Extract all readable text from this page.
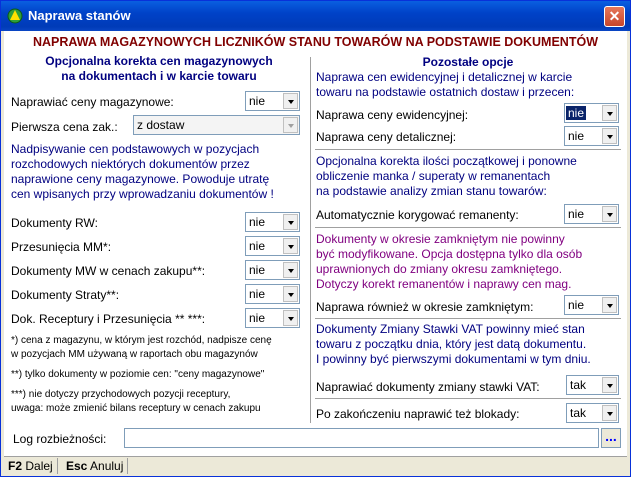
Naprawa stanów	✕
NAPRAWA MAGAZYNOWYCH LICZNIKÓW STANU TOWARÓW NA PODSTAWIE DOKUMENTÓW
Opcjonalna korekta cen magazynowych
na dokumentach i w karcie towaru
Naprawiać ceny magazynowe:	nie
Pierwsza cena zak.: z dostaw
Nadpisywanie cen podstawowych w pozycjach
rozchodowych niektórych dokumentów przez
naprawione ceny magazynowe. Powoduje utratę
cen wpisanych przy wprowadzaniu dokumentów !
Dokumenty RW:	nie
Przesunięcia MM*:	nie
Dokumenty MW w cenach zakupu**:	nie
Dokumenty Straty**:	nie
Dok. Receptury i Przesunięcia ** ***:	nie
*) cena z magazynu, w którym jest rozchód, nadpisze cenę
w pozycjach MM używaną w raportach obu magazynów
**) tylko dokumenty w poziomie cen: "ceny magazynowe"
***) nie dotyczy przychodowych pozycji receptury,
uwaga: może zmienić bilans receptury w cenach zakupu
Pozostałe opcje
Naprawa cen ewidencyjnej i detalicznej w karcie
towaru na podstawie ostatnich dostaw i przecen:
Naprawa ceny ewidencyjnej:	nie
Naprawa ceny detalicznej:	nie
Opcjonalna korekta ilości początkowej i ponowne
obliczenie manka / superaty w remanentach
na podstawie analizy zmian stanu towarów:
Automatycznie korygować remanenty:	nie
Dokumenty w okresie zamkniętym nie powinny
być modyfikowane. Opcja dostępna tylko dla osób
uprawnionych do zmiany okresu zamkniętego.
Dotyczy korekt remanentów i naprawy cen mag.
Naprawa również w okresie zamkniętym:	nie
Dokumenty Zmiany Stawki VAT powinny mieć stan
towaru z początku dnia, który jest datą dokumentu.
I powinny być pierwszymi dokumentami w tym dniu.
Naprawiać dokumenty zmiany stawki VAT:	tak
Po zakończeniu naprawić też blokady:	tak
Log rozbieżności:	...
F2 Dalej	Esc Anuluj
